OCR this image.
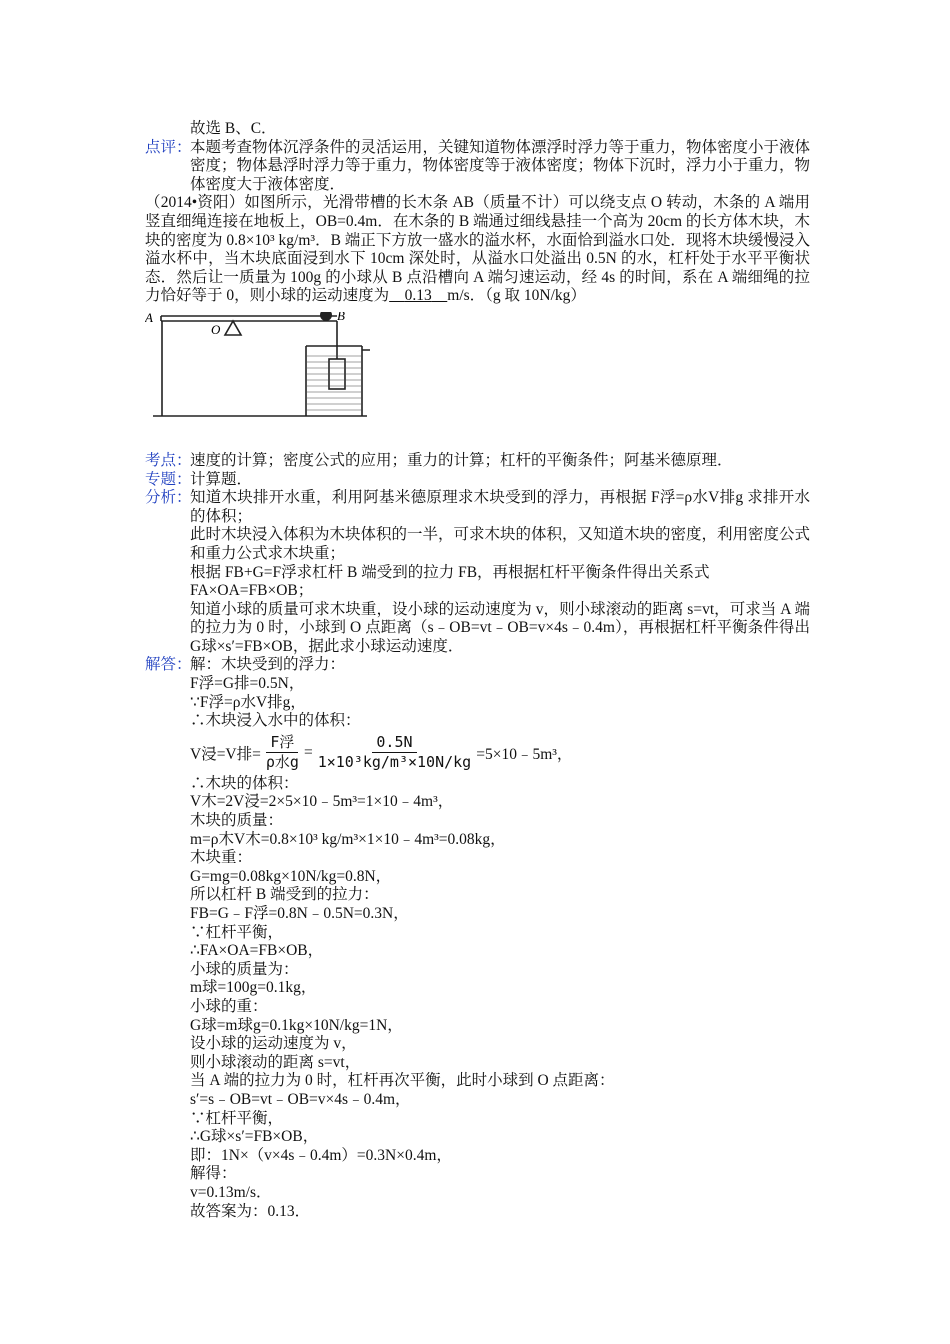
故选 B、C．
点评：
本题考查物体沉浮条件的灵活运用，关键知道物体漂浮时浮力等于重力，物体密度小于液体密度；物体悬浮时浮力等于重力，物体密度等于液体密度；物体下沉时，浮力小于重力，物体密度大于液体密度．
（2014•资阳）如图所示，光滑带槽的长木条 AB（质量不计）可以绕支点 O 转动，木条的 A 端用竖直细绳连接在地板上，OB=0.4m．在木条的 B 端通过细线悬挂一个高为 20cm 的长方体木块，木块的密度为 0.8×10³ kg/m³．B 端正下方放一盛水的溢水杯，水面恰到溢水口处．现将木块缓慢浸入溢水杯中，当木块底面浸到水下 10cm 深处时，从溢水口处溢出 0.5N 的水，杠杆处于水平平衡状态．然后让一质量为 100g 的小球从 B 点沿槽向 A 端匀速运动，经 4s 的时间，系在 A 端细绳的拉力恰好等于 0，则小球的运动速度为 0.13 m/s．（g 取 10N/kg）
A
O
B
考点：
速度的计算；密度公式的应用；重力的计算；杠杆的平衡条件；阿基米德原理．
专题：
计算题．
分析：
知道木块排开水重，利用阿基米德原理求木块受到的浮力，再根据 F浮=ρ水V排g 求排开水的体积；
此时木块浸入体积为木块体积的一半，可求木块的体积，又知道木块的密度，利用密度公式和重力公式求木块重；
根据 FB+G=F浮求杠杆 B 端受到的拉力 FB，再根据杠杆平衡条件得出关系式
FA×OA=FB×OB；
知道小球的质量可求木块重，设小球的运动速度为 v，则小球滚动的距离 s=vt，可求当 A 端的拉力为 0 时，小球到 O 点距离（s﹣OB=vt﹣OB=v×4s﹣0.4m），再根据杠杆平衡条件得出 G球×s′=FB×OB，据此求小球运动速度．
解答：
解：木块受到的浮力：
F浮=G排=0.5N，
∵F浮=ρ水V排g，
∴木块浸入水中的体积：
V浸=V排= $\frac{\text{F浮}}{\text{ρ水g}} = \frac{0.5N}{\text{1×10³kg/m³×10N/kg}}$ =5×10﹣5m³，
∴木块的体积：
V木=2V浸=2×5×10﹣5m³=1×10﹣4m³，
木块的质量：
m=ρ木V木=0.8×10³ kg/m³×1×10﹣4m³=0.08kg，
木块重：
G=mg=0.08kg×10N/kg=0.8N，
所以杠杆 B 端受到的拉力：
FB=G﹣F浮=0.8N﹣0.5N=0.3N，
∵杠杆平衡，
∴FA×OA=FB×OB，
小球的质量为：
m球=100g=0.1kg，
小球的重：
G球=m球g=0.1kg×10N/kg=1N，
设小球的运动速度为 v，
则小球滚动的距离 s=vt，
当 A 端的拉力为 0 时，杠杆再次平衡，此时小球到 O 点距离：
s′=s﹣OB=vt﹣OB=v×4s﹣0.4m，
∵杠杆平衡，
∴G球×s′=FB×OB，
即：1N×（v×4s﹣0.4m）=0.3N×0.4m，
解得：
v=0.13m/s．
故答案为：0.13．
